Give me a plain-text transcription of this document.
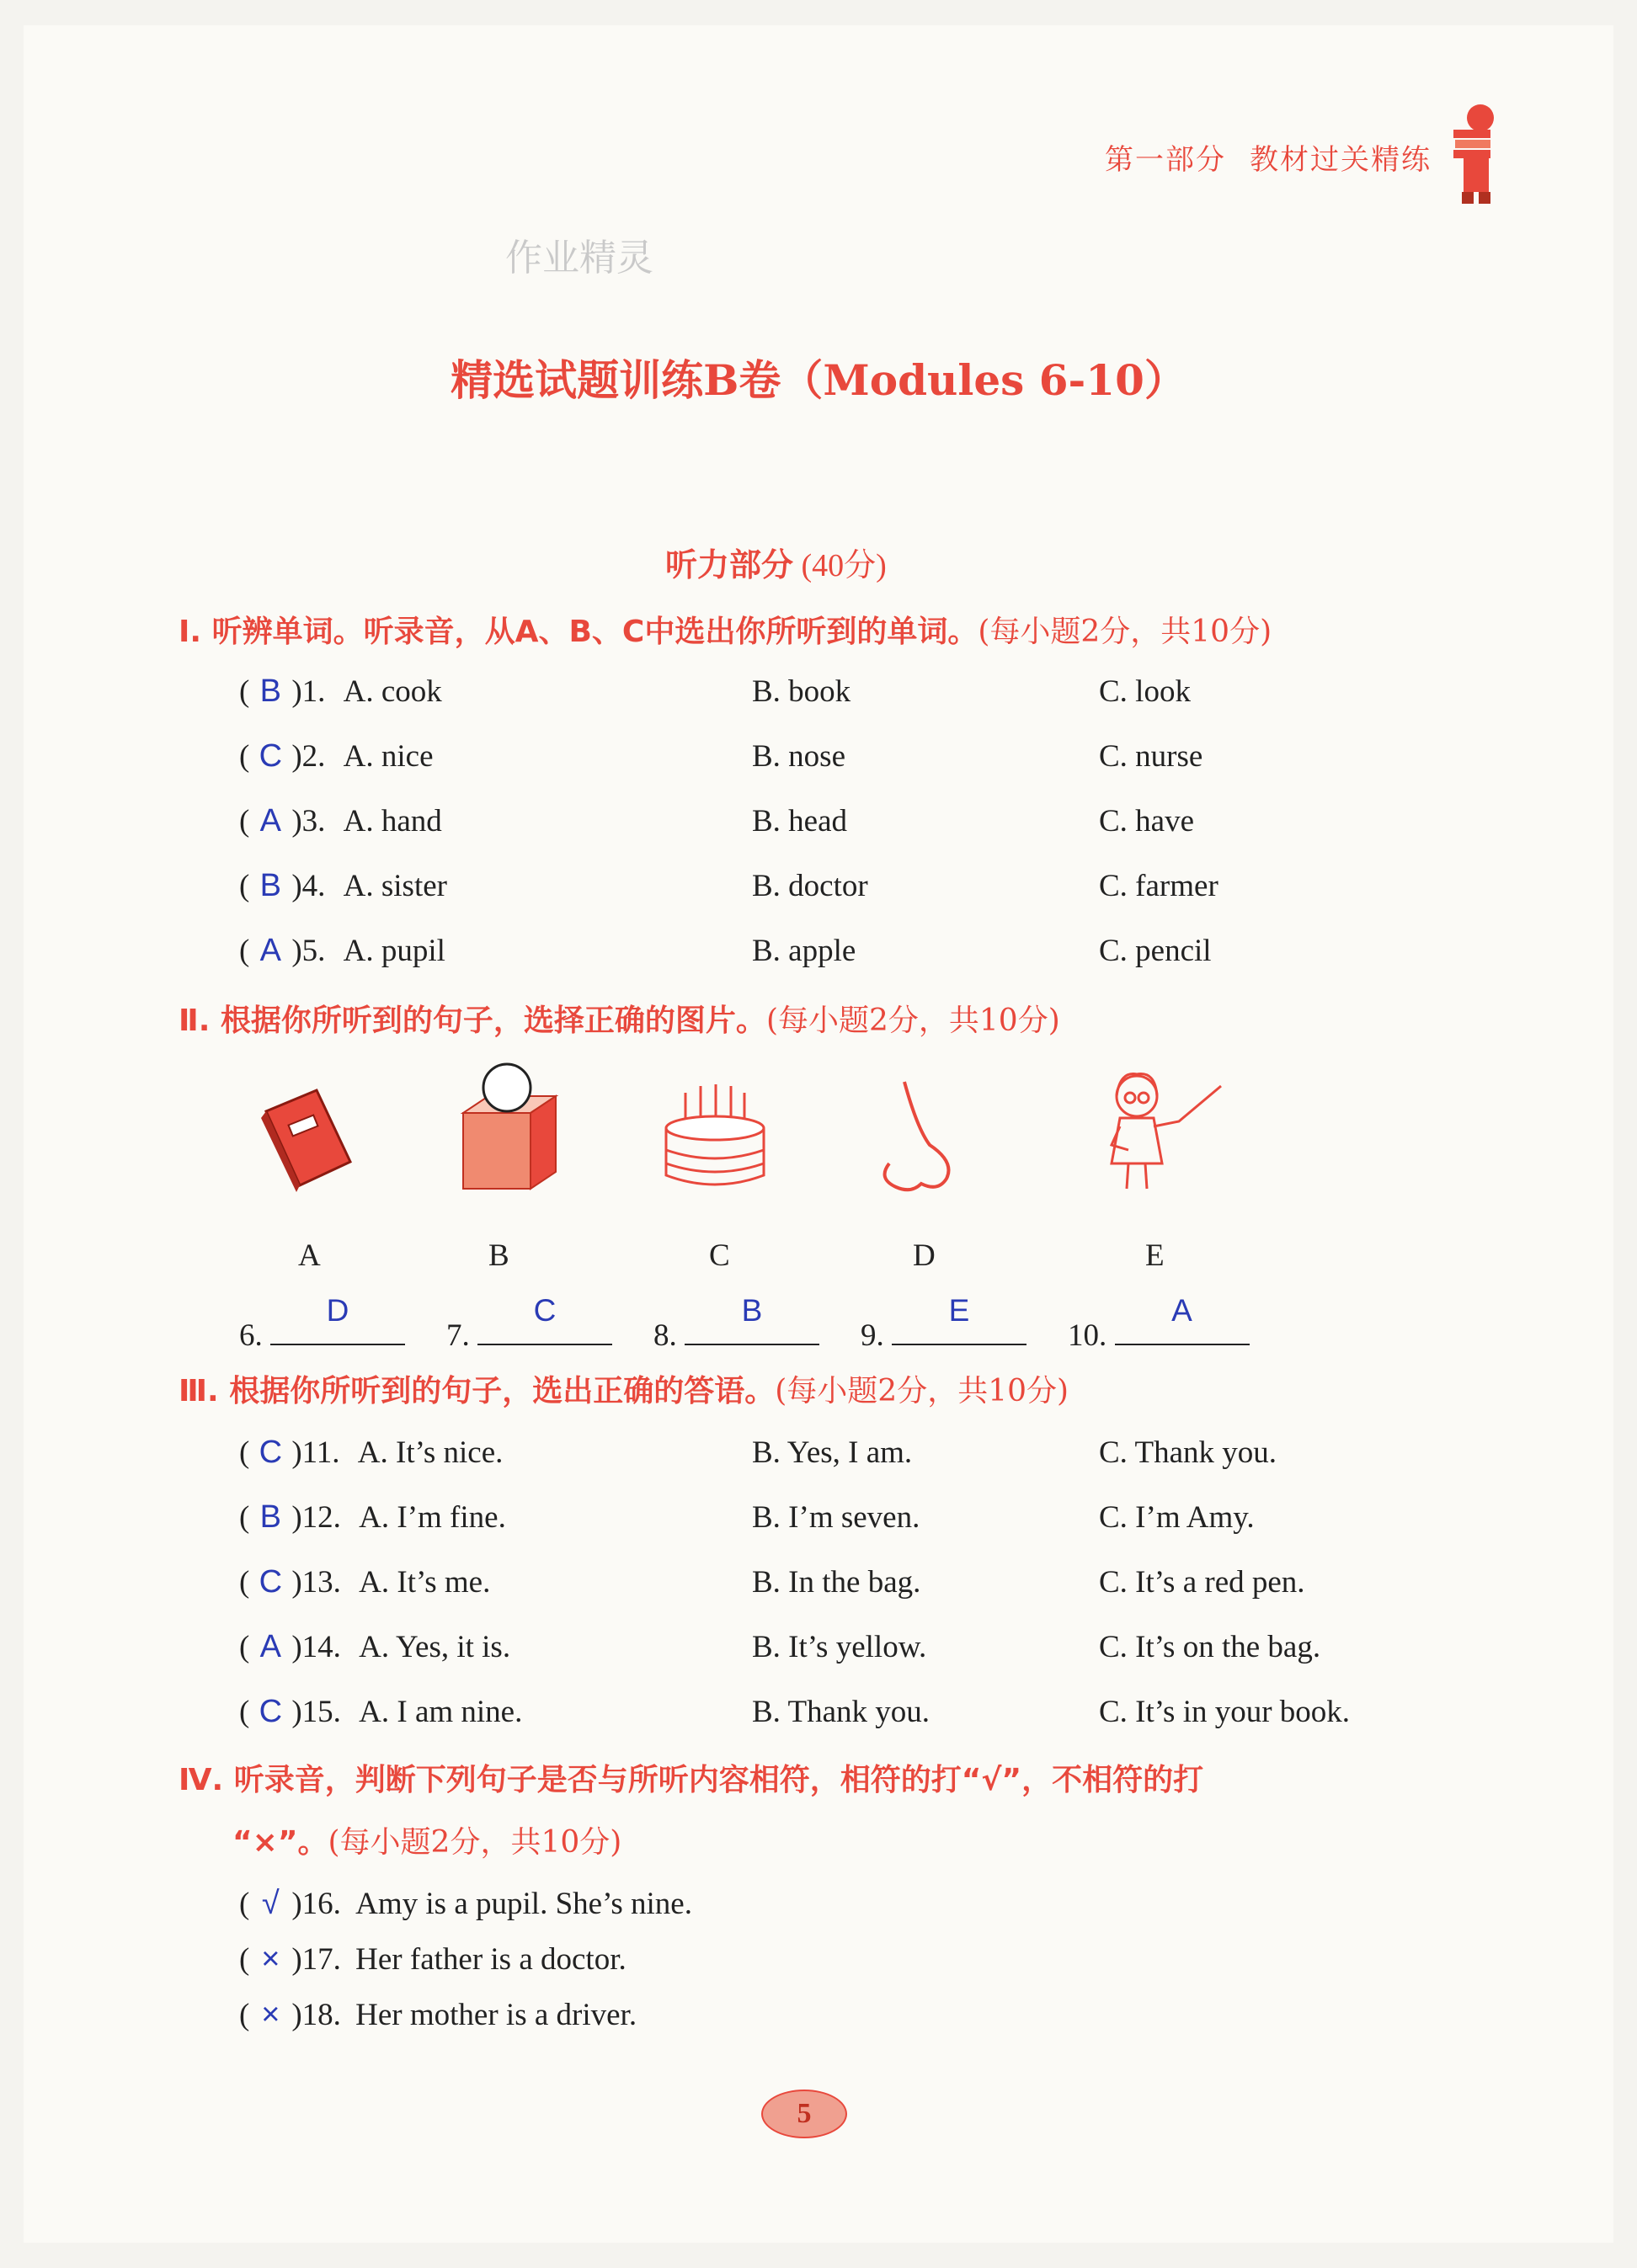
第一部分 教材过关精练
作业精灵
精选试题训练B卷（Modules 6-10）
听力部分 (40分)
Ⅰ. 听辨单词。听录音，从A、B、C中选出你所听到的单词。(每小题2分，共10分)
( B )1. A. cook	B. book	C. look
( C )2. A. nice	B. nose	C. nurse
( A )3. A. hand	B. head	C. have
( B )4. A. sister	B. doctor	C. farmer
( A )5. A. pupil	B. apple	C. pencil
Ⅱ. 根据你所听到的句子，选择正确的图片。(每小题2分，共10分)
A	B	C	D	E
6.
D
7.
C
8.
B
9.
E
10.
A
Ⅲ. 根据你所听到的句子，选出正确的答语。(每小题2分，共10分)
( C )11. A. It’s nice.	B. Yes, I am.	C. Thank you.
( B )12. A. I’m fine.	B. I’m seven.	C. I’m Amy.
( C )13. A. It’s me.	B. In the bag.	C. It’s a red pen.
( A )14. A. Yes, it is.	B. It’s yellow.	C. It’s on the bag.
( C )15. A. I am nine.	B. Thank you.	C. It’s in your book.
Ⅳ. 听录音，判断下列句子是否与所听内容相符，相符的打“√”，不相符的打
“×”。(每小题2分，共10分)
( √ )16. Amy is a pupil. She’s nine.
( × )17. Her father is a doctor.
( × )18. Her mother is a driver.
5
